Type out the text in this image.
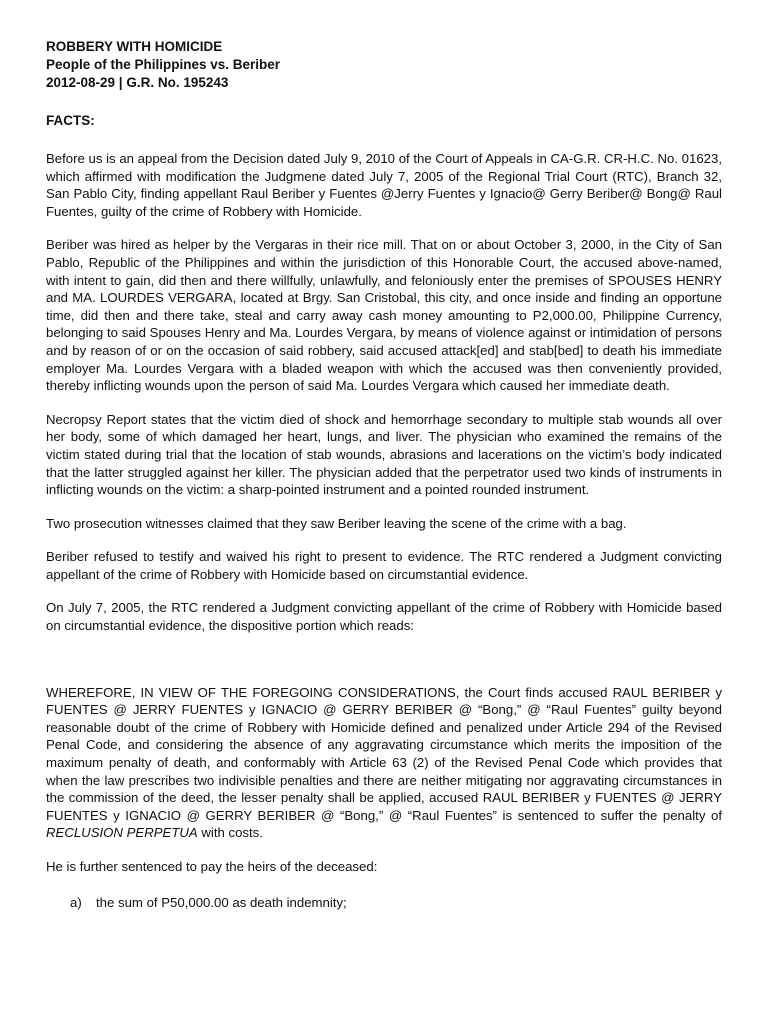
ROBBERY WITH HOMICIDE
People of the Philippines vs. Beriber
2012-08-29 | G.R. No. 195243
FACTS:

Before us is an appeal from the Decision dated July 9, 2010 of the Court of Appeals in CA-G.R. CR-H.C. No. 01623, which affirmed with modification the Judgmene dated July 7, 2005 of the Regional Trial Court (RTC), Branch 32, San Pablo City, finding appellant Raul Beriber y Fuentes @Jerry Fuentes y Ignacio@ Gerry Beriber@ Bong@ Raul Fuentes, guilty of the crime of Robbery with Homicide.

Beriber was hired as helper by the Vergaras in their rice mill. That on or about October 3, 2000, in the City of San Pablo, Republic of the Philippines and within the jurisdiction of this Honorable Court, the accused above-named, with intent to gain, did then and there willfully, unlawfully, and feloniously enter the premises of SPOUSES HENRY and MA. LOURDES VERGARA, located at Brgy. San Cristobal, this city, and once inside and finding an opportune time, did then and there take, steal and carry away cash money amounting to P2,000.00, Philippine Currency, belonging to said Spouses Henry and Ma. Lourdes Vergara, by means of violence against or intimidation of persons and by reason of or on the occasion of said robbery, said accused attack[ed] and stab[bed] to death his immediate employer Ma. Lourdes Vergara with a bladed weapon with which the accused was then conveniently provided, thereby inflicting wounds upon the person of said Ma. Lourdes Vergara which caused her immediate death.

Necropsy Report states that the victim died of shock and hemorrhage secondary to multiple stab wounds all over her body, some of which damaged her heart, lungs, and liver. The physician who examined the remains of the victim stated during trial that the location of stab wounds, abrasions and lacerations on the victim’s body indicated that the latter struggled against her killer. The physician added that the perpetrator used two kinds of instruments in inflicting wounds on the victim: a sharp-pointed instrument and a pointed rounded instrument.

Two prosecution witnesses claimed that they saw Beriber leaving the scene of the crime with a bag.

Beriber refused to testify and waived his right to present to evidence. The RTC rendered a Judgment convicting appellant of the crime of Robbery with Homicide based on circumstantial evidence.

On July 7, 2005, the RTC rendered a Judgment convicting appellant of the crime of Robbery with Homicide based on circumstantial evidence, the dispositive portion which reads:

WHEREFORE, IN VIEW OF THE FOREGOING CONSIDERATIONS, the Court finds accused RAUL BERIBER y FUENTES @ JERRY FUENTES y IGNACIO @ GERRY BERIBER @ “Bong,” @ “Raul Fuentes” guilty beyond reasonable doubt of the crime of Robbery with Homicide defined and penalized under Article 294 of the Revised Penal Code, and considering the absence of any aggravating circumstance which merits the imposition of the maximum penalty of death, and conformably with Article 63 (2) of the Revised Penal Code which provides that when the law prescribes two indivisible penalties and there are neither mitigating nor aggravating circumstances in the commission of the deed, the lesser penalty shall be applied, accused RAUL BERIBER y FUENTES @ JERRY FUENTES y IGNACIO @ GERRY BERIBER @ “Bong,” @ “Raul Fuentes” is sentenced to suffer the penalty of RECLUSION PERPETUA with costs.

He is further sentenced to pay the heirs of the deceased:

a) the sum of P50,000.00 as death indemnity;
